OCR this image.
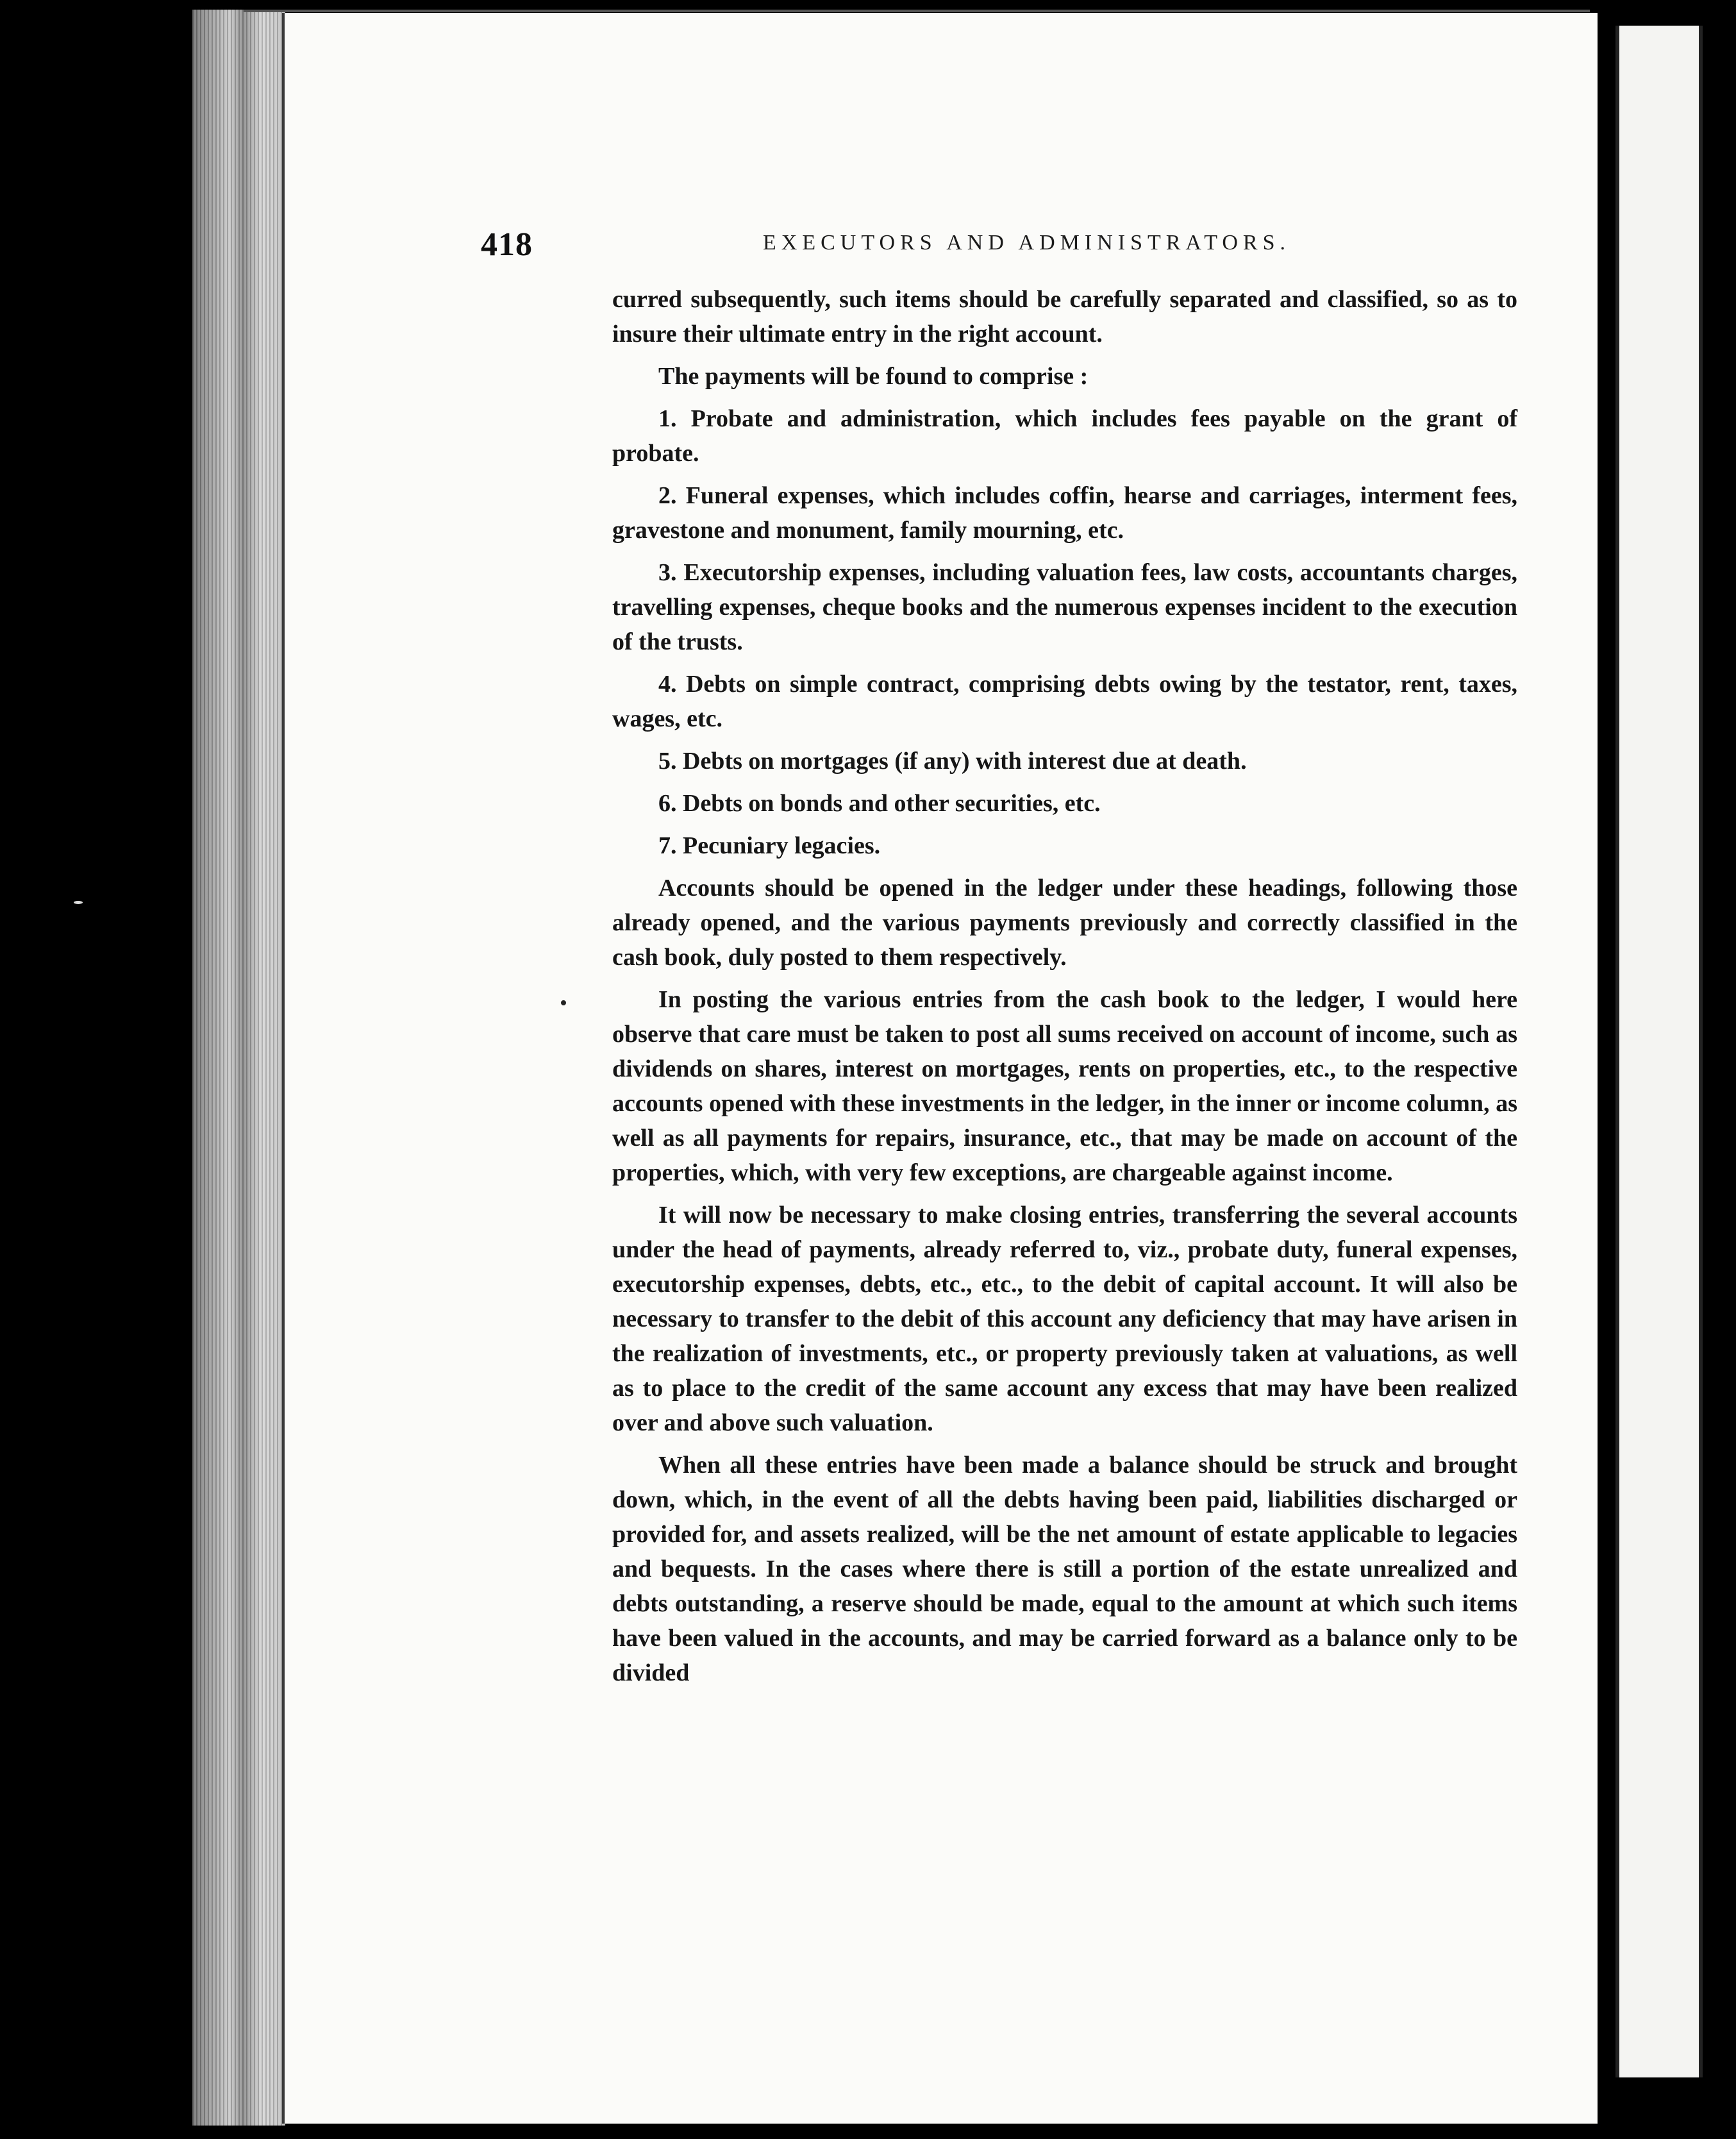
418	EXECUTORS AND ADMINISTRATORS.

curred subsequently, such items should be carefully separated and classified, so as to insure their ultimate entry in the right account.

The payments will be found to comprise :

1. Probate and administration, which includes fees payable on the grant of probate.

2. Funeral expenses, which includes coffin, hearse and carriages, interment fees, gravestone and monument, family mourning, etc.

3. Executorship expenses, including valuation fees, law costs, accountants charges, travelling expenses, cheque books and the numerous expenses incident to the execution of the trusts.

4. Debts on simple contract, comprising debts owing by the testator, rent, taxes, wages, etc.

5. Debts on mortgages (if any) with interest due at death.

6. Debts on bonds and other securities, etc.

7. Pecuniary legacies.

Accounts should be opened in the ledger under these headings, following those already opened, and the various payments previously and correctly classified in the cash book, duly posted to them respectively.

In posting the various entries from the cash book to the ledger, I would here observe that care must be taken to post all sums received on account of income, such as dividends on shares, interest on mortgages, rents on properties, etc., to the respective accounts opened with these investments in the ledger, in the inner or income column, as well as all payments for repairs, insurance, etc., that may be made on account of the properties, which, with very few exceptions, are chargeable against income.

It will now be necessary to make closing entries, transferring the several accounts under the head of payments, already referred to, viz., probate duty, funeral expenses, executorship expenses, debts, etc., etc., to the debit of capital account. It will also be necessary to transfer to the debit of this account any deficiency that may have arisen in the realization of investments, etc., or property previously taken at valuations, as well as to place to the credit of the same account any excess that may have been realized over and above such valuation.

When all these entries have been made a balance should be struck and brought down, which, in the event of all the debts having been paid, liabilities discharged or provided for, and assets realized, will be the net amount of estate applicable to legacies and bequests. In the cases where there is still a portion of the estate unrealized and debts outstanding, a reserve should be made, equal to the amount at which such items have been valued in the accounts, and may be carried forward as a balance only to be divided
